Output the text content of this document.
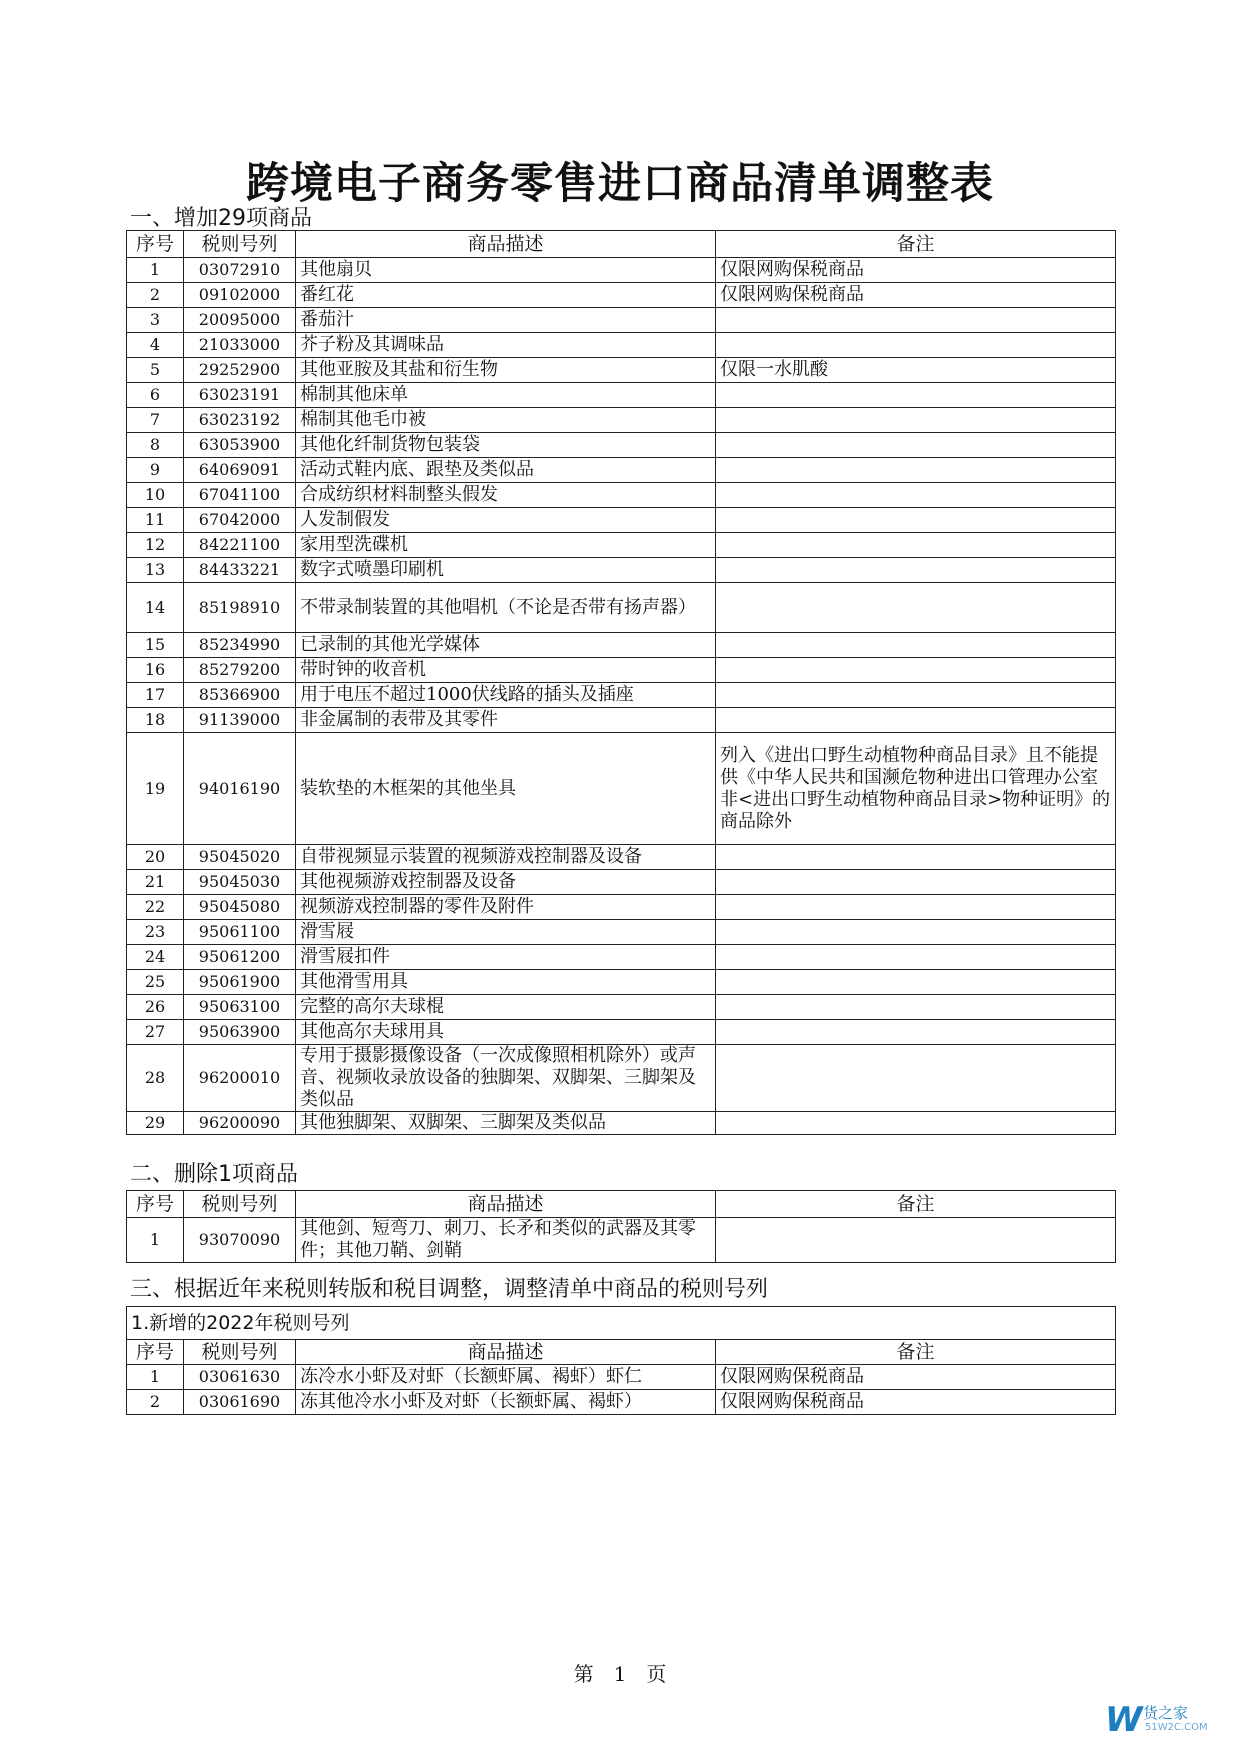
跨境电子商务零售进口商品清单调整表
一、增加29项商品
序号	税则号列	商品描述	备注
1	03072910	其他扇贝	仅限网购保税商品
2	09102000	番红花	仅限网购保税商品
3	20095000	番茄汁	
4	21033000	芥子粉及其调味品	
5	29252900	其他亚胺及其盐和衍生物	仅限一水肌酸
6	63023191	棉制其他床单	
7	63023192	棉制其他毛巾被	
8	63053900	其他化纤制货物包装袋	
9	64069091	活动式鞋内底、跟垫及类似品	
10	67041100	合成纺织材料制整头假发	
11	67042000	人发制假发	
12	84221100	家用型洗碟机	
13	84433221	数字式喷墨印刷机	
14	85198910	不带录制装置的其他唱机（不论是否带有扬声器）	
15	85234990	已录制的其他光学媒体	
16	85279200	带时钟的收音机	
17	85366900	用于电压不超过1000伏线路的插头及插座	
18	91139000	非金属制的表带及其零件	
19	94016190	装软垫的木框架的其他坐具	列入《进出口野生动植物种商品目录》且不能提供《中华人民共和国濒危物种进出口管理办公室非<进出口野生动植物种商品目录>物种证明》的商品除外
20	95045020	自带视频显示装置的视频游戏控制器及设备	
21	95045030	其他视频游戏控制器及设备	
22	95045080	视频游戏控制器的零件及附件	
23	95061100	滑雪屐	
24	95061200	滑雪屐扣件	
25	95061900	其他滑雪用具	
26	95063100	完整的高尔夫球棍	
27	95063900	其他高尔夫球用具	
28	96200010	专用于摄影摄像设备（一次成像照相机除外）或声音、视频收录放设备的独脚架、双脚架、三脚架及类似品	
29	96200090	其他独脚架、双脚架、三脚架及类似品	
二、删除1项商品
序号	税则号列	商品描述	备注
1	93070090	其他剑、短弯刀、刺刀、长矛和类似的武器及其零件；其他刀鞘、剑鞘	
三、根据近年来税则转版和税目调整，调整清单中商品的税则号列
1.新增的2022年税则号列			
序号	税则号列	商品描述	备注
1	03061630	冻冷水小虾及对虾（长额虾属、褐虾）虾仁	仅限网购保税商品
2	03061690	冻其他冷水小虾及对虾（长额虾属、褐虾）	仅限网购保税商品
第　1　页
W 货之家
51W2C.COM
